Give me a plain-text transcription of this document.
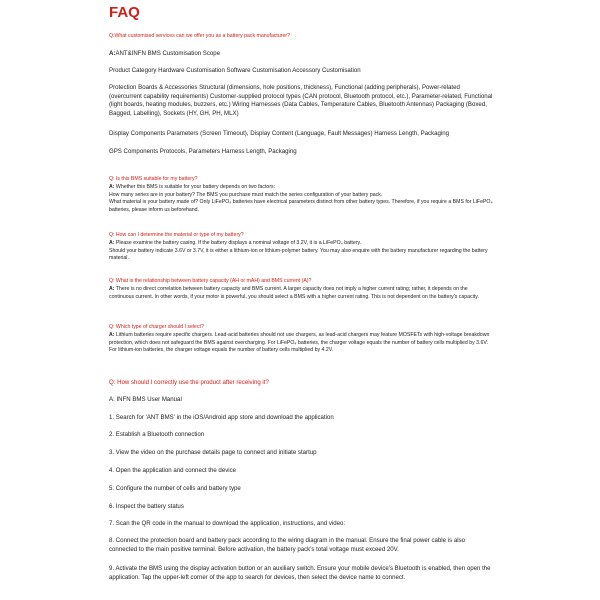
FAQ

Q:What customised services can we offer you as a battery pack manufacturer?

A:ANT&INFN BMS Customisation Scope

Product Category Hardware Customisation Software Customisation Accessory Customisation

Protection Boards & Accessories Structural (dimensions, hole positions, thickness), Functional (adding peripherals), Power-related (overcurrent capability requirements) Customer-supplied protocol types (CAN protocol, Bluetooth protocol, etc.), Parameter-related, Functional (light boards, heating modules, buzzers, etc.) Wiring Harnesses (Data Cables, Temperature Cables, Bluetooth Antennas) Packaging (Boxed, Bagged, Labelling), Sockets (HY, GH, PH, MLX)

Display Components Parameters (Screen Timeout), Display Content (Language, Fault Messages) Harness Length, Packaging

GPS Components Protocols, Parameters Harness Length, Packaging

Q: Is this BMS suitable for my battery?

A: Whether this BMS is suitable for your battery depends on two factors:

How many series are in your battery? The BMS you purchase must match the series configuration of your battery pack.

What material is your battery made of? Only LiFePO₄ batteries have electrical parameters distinct from other battery types. Therefore, if you require a BMS for LiFePO₄ batteries, please inform us beforehand.

Q: How can I determine the material or type of my battery?

A: Please examine the battery casing. If the battery displays a nominal voltage of 3.2V, it is a LiFePO₄ battery.

Should your battery indicate 3.6V or 3.7V, it is either a lithium-ion or lithium-polymer battery. You may also enquire with the battery manufacturer regarding the battery material.

Q: What is the relationship between battery capacity (AH or mAH) and BMS current (A)?

A: There is no direct correlation between battery capacity and BMS current. A larger capacity does not imply a higher current rating; rather, it depends on the continuous current. In other words, if your motor is powerful, you should select a BMS with a higher current rating. This is not dependent on the battery's capacity.

Q: Which type of charger should I select?

A: Lithium batteries require specific chargers. Lead-acid batteries should not use chargers, as lead-acid chargers may feature MOSFETs with high-voltage breakdown protection, which does not safeguard the BMS against overcharging. For LiFePO₄ batteries, the charger voltage equals the number of battery cells multiplied by 3.6V. For lithium-ion batteries, the charger voltage equals the number of battery cells multiplied by 4.2V.

Q: How should I correctly use the product after receiving it?

A: INFN BMS User Manual

1. Search for 'ANT BMS' in the iOS/Android app store and download the application

2. Establish a Bluetooth connection

3. View the video on the purchase details page to connect and initiate startup

4. Open the application and connect the device

5. Configure the number of cells and battery type

6. Inspect the battery status

7. Scan the QR code in the manual to download the application, instructions, and video:

8. Connect the protection board and battery pack according to the wiring diagram in the manual. Ensure the final power cable is also connected to the main positive terminal. Before activation, the battery pack's total voltage must exceed 20V.

9. Activate the BMS using the display activation button or an auxiliary switch. Ensure your mobile device's Bluetooth is enabled, then open the application. Tap the upper-left corner of the app to search for devices, then select the device name to connect.
